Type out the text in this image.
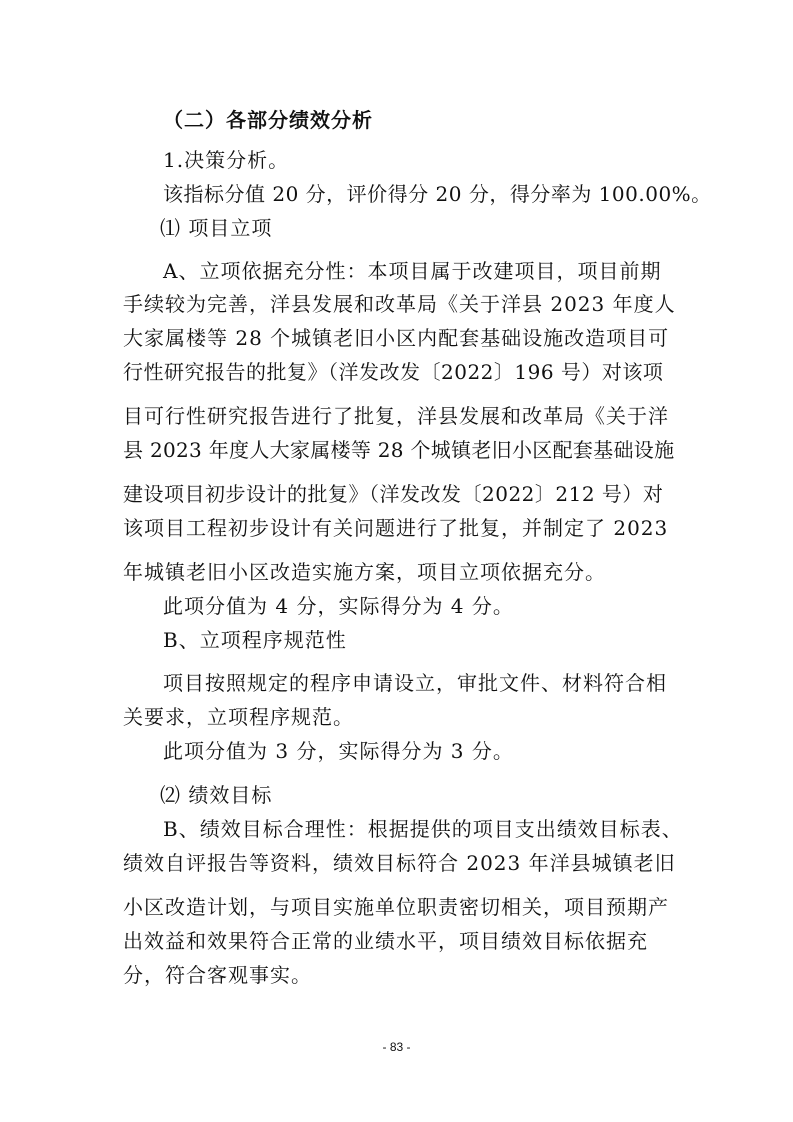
（二）各部分绩效分析
1.决策分析。
该指标分值 20 分，评价得分 20 分，得分率为 100.00%。
⑴ 项目立项
A、立项依据充分性：本项目属于改建项目，项目前期
手续较为完善，洋县发展和改革局《关于洋县 2023 年度人
大家属楼等 28 个城镇老旧小区内配套基础设施改造项目可
行性研究报告的批复》（洋发改发〔2022〕196 号）对该项
目可行性研究报告进行了批复，洋县发展和改革局《关于洋
县 2023 年度人大家属楼等 28 个城镇老旧小区配套基础设施
建设项目初步设计的批复》（洋发改发〔2022〕212 号）对
该项目工程初步设计有关问题进行了批复，并制定了 2023
年城镇老旧小区改造实施方案，项目立项依据充分。
此项分值为 4 分，实际得分为 4 分。
B、立项程序规范性
项目按照规定的程序申请设立，审批文件、材料符合相
关要求，立项程序规范。
此项分值为 3 分，实际得分为 3 分。
⑵ 绩效目标
B、绩效目标合理性：根据提供的项目支出绩效目标表、
绩效自评报告等资料，绩效目标符合 2023 年洋县城镇老旧
小区改造计划，与项目实施单位职责密切相关，项目预期产
出效益和效果符合正常的业绩水平，项目绩效目标依据充
分，符合客观事实。
- 83 -
